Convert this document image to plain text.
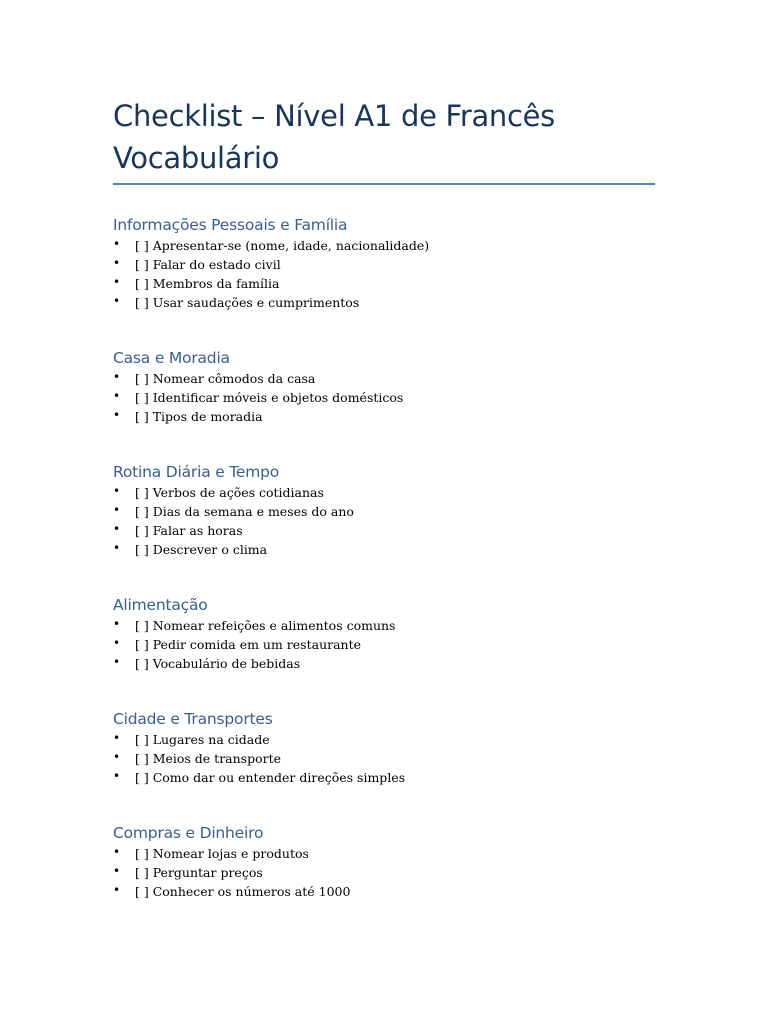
Checklist – Nível A1 de Francês
Vocabulário
Informações Pessoais e Família
• [ ] Apresentar-se (nome, idade, nacionalidade)
• [ ] Falar do estado civil
• [ ] Membros da família
• [ ] Usar saudações e cumprimentos
Casa e Moradia
• [ ] Nomear cômodos da casa
• [ ] Identificar móveis e objetos domésticos
• [ ] Tipos de moradia
Rotina Diária e Tempo
• [ ] Verbos de ações cotidianas
• [ ] Dias da semana e meses do ano
• [ ] Falar as horas
• [ ] Descrever o clima
Alimentação
• [ ] Nomear refeições e alimentos comuns
• [ ] Pedir comida em um restaurante
• [ ] Vocabulário de bebidas
Cidade e Transportes
• [ ] Lugares na cidade
• [ ] Meios de transporte
• [ ] Como dar ou entender direções simples
Compras e Dinheiro
• [ ] Nomear lojas e produtos
• [ ] Perguntar preços
• [ ] Conhecer os números até 1000
